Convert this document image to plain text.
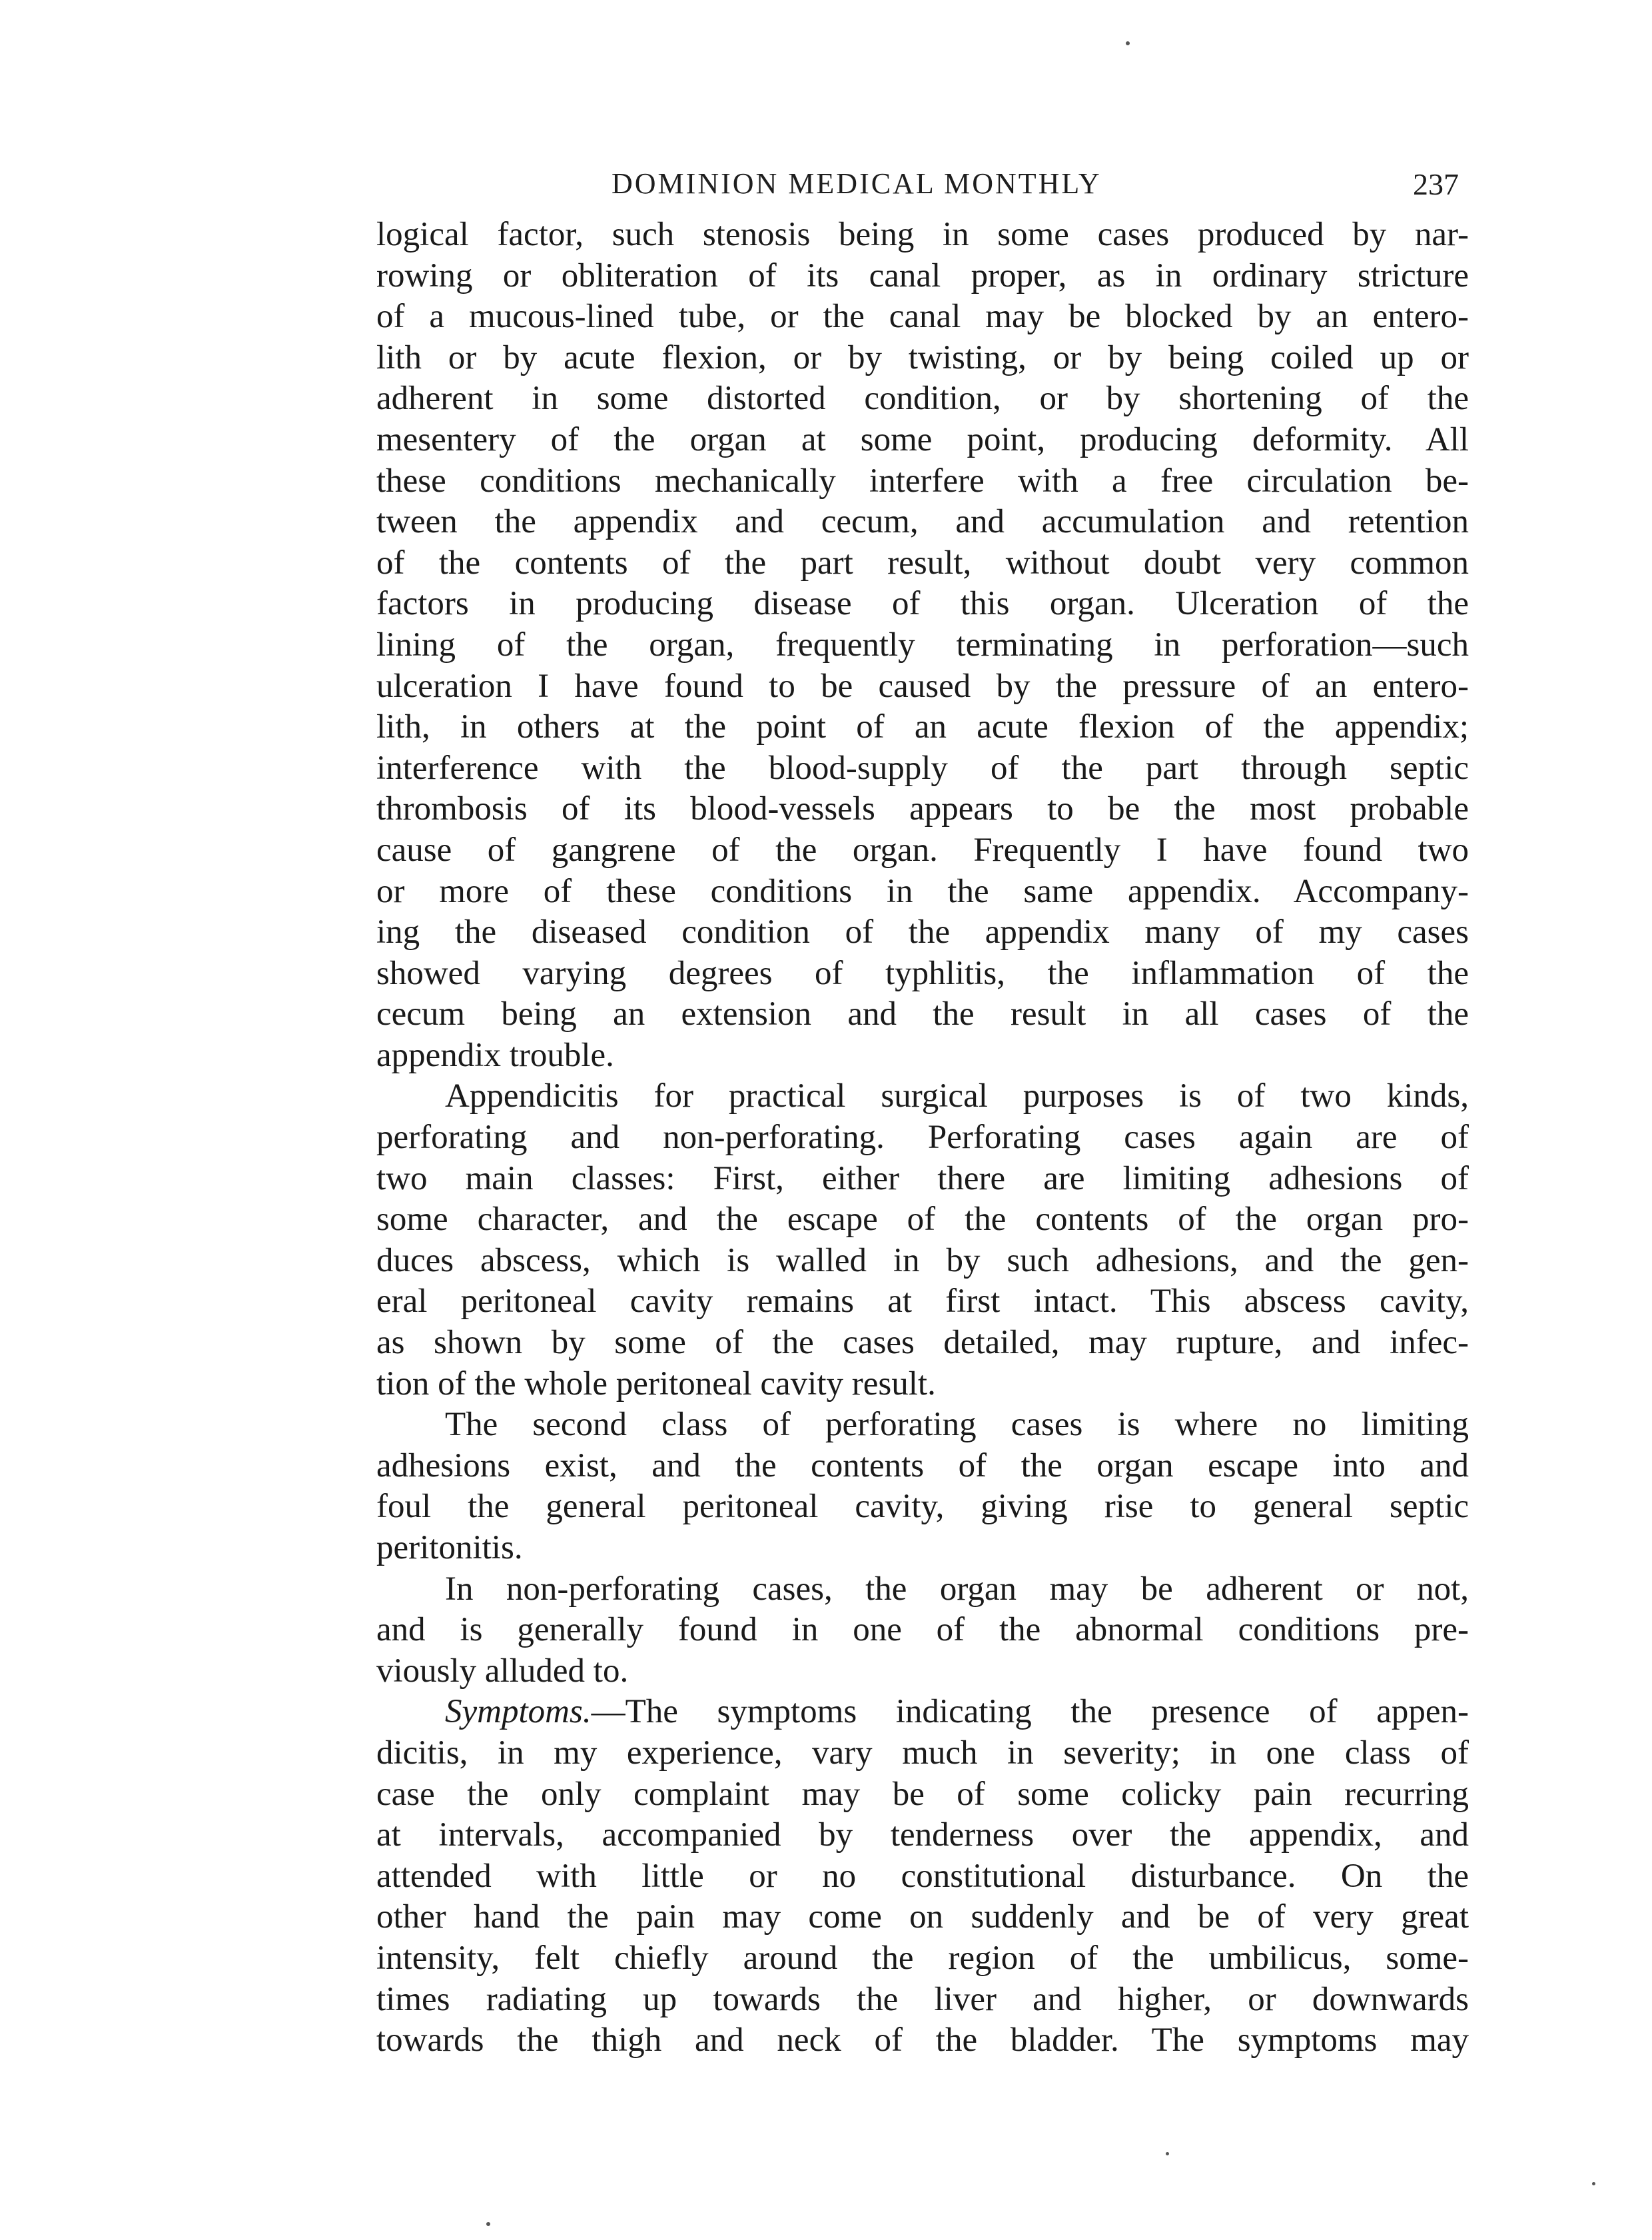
DOMINION MEDICAL MONTHLY	237
logical factor, such stenosis being in some cases produced by nar-
rowing or obliteration of its canal proper, as in ordinary stricture
of a mucous-lined tube, or the canal may be blocked by an entero-
lith or by acute flexion, or by twisting, or by being coiled up or
adherent in some distorted condition, or by shortening of the
mesentery of the organ at some point, producing deformity. All
these conditions mechanically interfere with a free circulation be-
tween the appendix and cecum, and accumulation and retention
of the contents of the part result, without doubt very common
factors in producing disease of this organ. Ulceration of the
lining of the organ, frequently terminating in perforation—such
ulceration I have found to be caused by the pressure of an entero-
lith, in others at the point of an acute flexion of the appendix;
interference with the blood-supply of the part through septic
thrombosis of its blood-vessels appears to be the most probable
cause of gangrene of the organ. Frequently I have found two
or more of these conditions in the same appendix. Accompany-
ing the diseased condition of the appendix many of my cases
showed varying degrees of typhlitis, the inflammation of the
cecum being an extension and the result in all cases of the
appendix trouble.
Appendicitis for practical surgical purposes is of two kinds,
perforating and non-perforating. Perforating cases again are of
two main classes: First, either there are limiting adhesions of
some character, and the escape of the contents of the organ pro-
duces abscess, which is walled in by such adhesions, and the gen-
eral peritoneal cavity remains at first intact. This abscess cavity,
as shown by some of the cases detailed, may rupture, and infec-
tion of the whole peritoneal cavity result.
The second class of perforating cases is where no limiting
adhesions exist, and the contents of the organ escape into and
foul the general peritoneal cavity, giving rise to general septic
peritonitis.
In non-perforating cases, the organ may be adherent or not,
and is generally found in one of the abnormal conditions pre-
viously alluded to.
Symptoms.—The symptoms indicating the presence of appen-
dicitis, in my experience, vary much in severity; in one class of
case the only complaint may be of some colicky pain recurring
at intervals, accompanied by tenderness over the appendix, and
attended with little or no constitutional disturbance. On the
other hand the pain may come on suddenly and be of very great
intensity, felt chiefly around the region of the umbilicus, some-
times radiating up towards the liver and higher, or downwards
towards the thigh and neck of the bladder. The symptoms may
